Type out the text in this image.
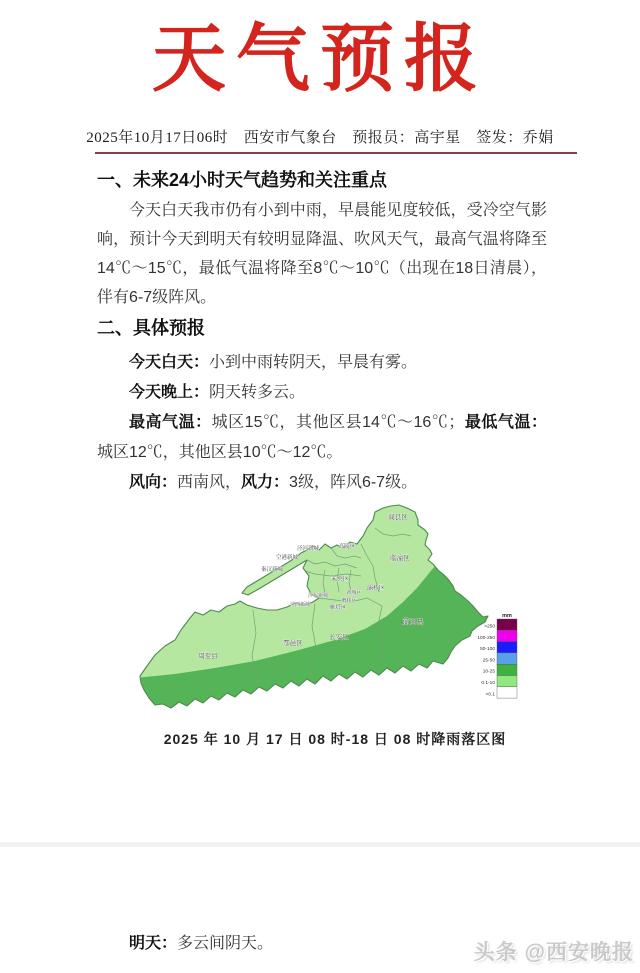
天气预报
2025年10月17日06时　西安市气象台　预报员：高宇星　签发：乔娟
一、未来24小时天气趋势和关注重点

今天白天我市仍有小到中雨，早晨能见度较低，受冷空气影响，预计今天到明天有较明显降温、吹风天气，最高气温将降至14℃～15℃，最低气温将降至8℃～10℃（出现在18日清晨），伴有6-7级阵风。

二、具体预报

今天白天：小到中雨转阴天，早晨有雾。

今天晚上：阴天转多云。

最高气温：城区15℃，其他区县14℃～16℃；最低气温：城区12℃，其他区县10℃～12℃。

风向：西南风，风力：3级，阵风6-7级。

阎良区
泾河新城	高陵区
空港新城
秦汉新城
临潼区
未央区
灞桥区
新城区
沣东新城
碑林区
沣西新城	雁塔区
蓝田县
长安区
鄠邑区
周至县
mm
>250
100-250
50-100
25-50
10-25
0.1-10
<0.1
2025 年 10 月 17 日 08 时-18 日 08 时降雨落区图

明天：多云间阴天。	头条 @西安晚报
